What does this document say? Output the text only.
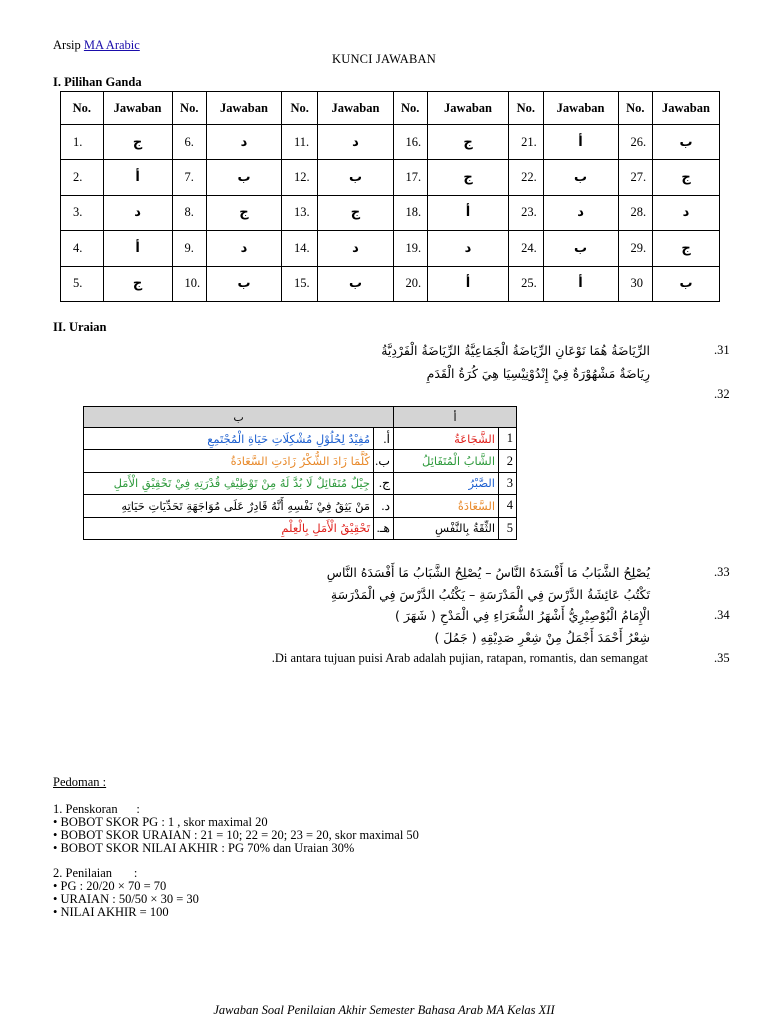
Arsip MA Arabic
KUNCI JAWABAN
I. Pilihan Ganda
No.	Jawaban	No.	Jawaban	No.	Jawaban	No.	Jawaban	No.	Jawaban	No.	Jawaban
1.	ج	6.	د	11.	د	16.	ج	21.	أ	26.	ب
2.	أ	7.	ب	12.	ب	17.	ج	22.	ب	27.	ج
3.	د	8.	ج	13.	ج	18.	أ	23.	د	28.	د
4.	أ	9.	د	14.	د	19.	د	24.	ب	29.	ج
5.	ج	10.	ب	15.	ب	20.	أ	25.	أ	30	ب
II. Uraian
.31
الرِّيَاضَةُ هُمَا نَوْعَانِ الرِّيَاضَةُ الْجَمَاعِيَّةُ الرِّيَاضَةُ الْفَرْدِيَّةُ
رِيَاضَةٌ مَشْهُوْرَةٌ فِيْ إِنْدُوْنِيْسِيَا هِيَ كُرَةُ الْقَدَمِ
.32
أ		ب	
1	الشَّجَاعَةُ	أ.	مُفِيْدٌ لِحُلُوْلِ مُشْكِلَاتِ حَيَاةِ الْمُجْتَمِعِ
2	الشَّابُ الْمُتَفَائِلُ	ب.	كُلَّمَا زَادَ الشُّكْرُ زَادَتِ السَّعَادَةُ
3	الصَّبْرُ	ج.	جِيْلٌ مُتَفَائِلٌ لَا بُدَّ لَهُ مِنْ تَوْظِيْفِ قُدْرَتِهِ فِيْ تَحْقِيْقِ الْأَمَلِ
4	السَّعَادَةُ	د.	مَنْ يَثِقُ فِيْ نَفْسِهِ أَنَّهُ قَادِرٌ عَلَى مُوَاجَهَةِ تَحَدِّيَاتِ حَيَاتِهِ
5	الثِّقَةُ بِالنَّفْسِ	هـ.	تَحْقِيْقُ الْأَمَلِ بِالْعِلْمِ
.33
يُصْلِحُ الشَّبَابُ مَا أَفْسَدَهُ النَّاسُ – يُصْلِحُ الشَّبَابُ مَا أَفْسَدَهُ النَّاسِ
تَكْتُبُ عَائِشَةُ الدَّرْسَ فِي الْمَدْرَسَةِ – يَكْتُبُ الدَّرْسَ فِي الْمَدْرَسَةِ
.34
الْإِمَامُ الْبُوْصِيْرِيُّ أَشْهَرُ الشُّعَرَاءِ فِي الْمَدْحِ ( شَهَرَ )
شِعْرُ أَحْمَدَ أَجْمَلُ مِنْ شِعْرِ صَدِيْقِهِ ( جَمُلَ )
.35
.Di antara tujuan puisi Arab adalah pujian, ratapan, romantis, dan semangat
Pedoman :
1. Penskoran      :
• BOBOT SKOR PG : 1 , skor maximal 20
• BOBOT SKOR URAIAN : 21 = 10; 22 = 20; 23 = 20, skor maximal 50
• BOBOT SKOR NILAI AKHIR : PG 70% dan Uraian 30%
2. Penilaian       :
• PG : 20/20 × 70 = 70
• URAIAN : 50/50 × 30 = 30
• NILAI AKHIR = 100
Jawaban Soal Penilaian Akhir Semester Bahasa Arab MA Kelas XII
